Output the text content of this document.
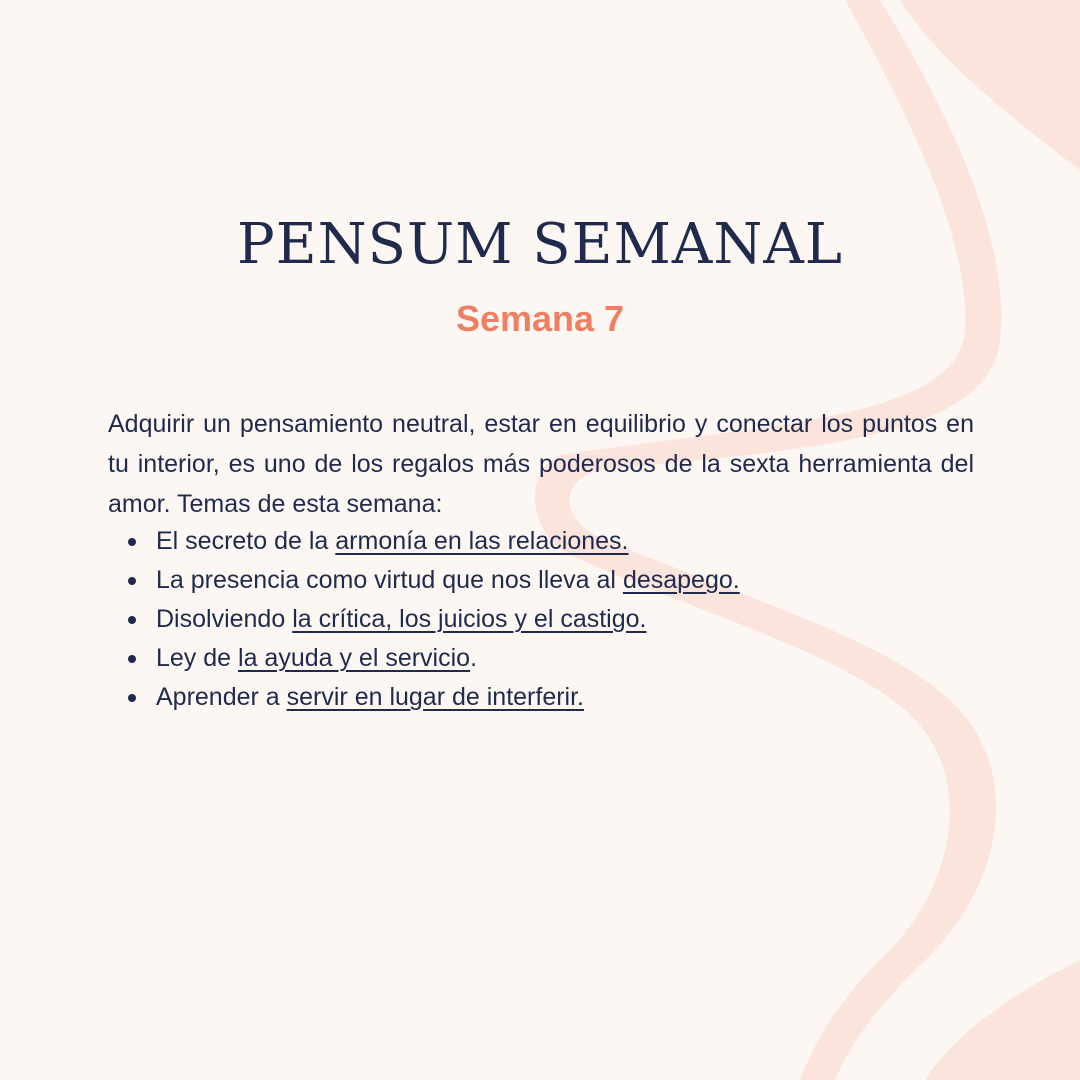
PENSUM SEMANAL
Semana 7

Adquirir un pensamiento neutral, estar en equilibrio y conectar los puntos en tu interior, es uno de los regalos más poderosos de la sexta herramienta del amor. Temas de esta semana:

El secreto de la armonía en las relaciones.
La presencia como virtud que nos lleva al desapego.
Disolviendo la crítica, los juicios y el castigo.
Ley de la ayuda y el servicio.
Aprender a servir en lugar de interferir.
